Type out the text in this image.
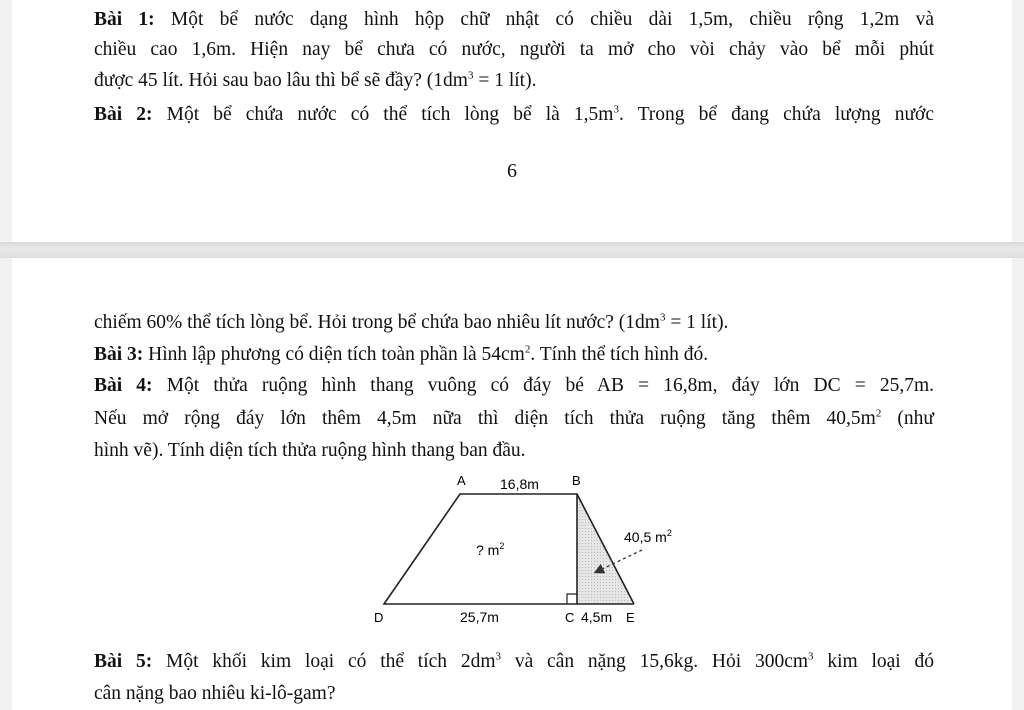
Bài 1: Một bể nước dạng hình hộp chữ nhật có chiều dài 1,5m, chiều rộng 1,2m và
chiều cao 1,6m. Hiện nay bể chưa có nước, người ta mở cho vòi chảy vào bể mỗi phút
được 45 lít. Hỏi sau bao lâu thì bể sẽ đầy? ($1dm^3 = 1$ lít).
Bài 2: Một bể chứa nước có thể tích lòng bể là $1,5m^3$. Trong bể đang chứa lượng nước
6
chiếm 60% thể tích lòng bể. Hỏi trong bể chứa bao nhiêu lít nước? ($1dm^3 = 1$ lít).
Bài 3: Hình lập phương có diện tích toàn phần là $54cm^2$. Tính thể tích hình đó.
Bài 4: Một thửa ruộng hình thang vuông có đáy bé AB = 16,8m, đáy lớn DC = 25,7m.
Nếu mở rộng đáy lớn thêm 4,5m nữa thì diện tích thửa ruộng tăng thêm $40,5m^2$ (như
hình vẽ). Tính diện tích thửa ruộng hình thang ban đầu.
A 16,8m	B
? $m^2$
40,5 $m^2$
D	25,7m	C 4,5m E
Bài 5: Một khối kim loại có thể tích $2dm^3$ và cân nặng 15,6kg. Hỏi $300cm^3$ kim loại đó
cân nặng bao nhiêu ki-lô-gam?
